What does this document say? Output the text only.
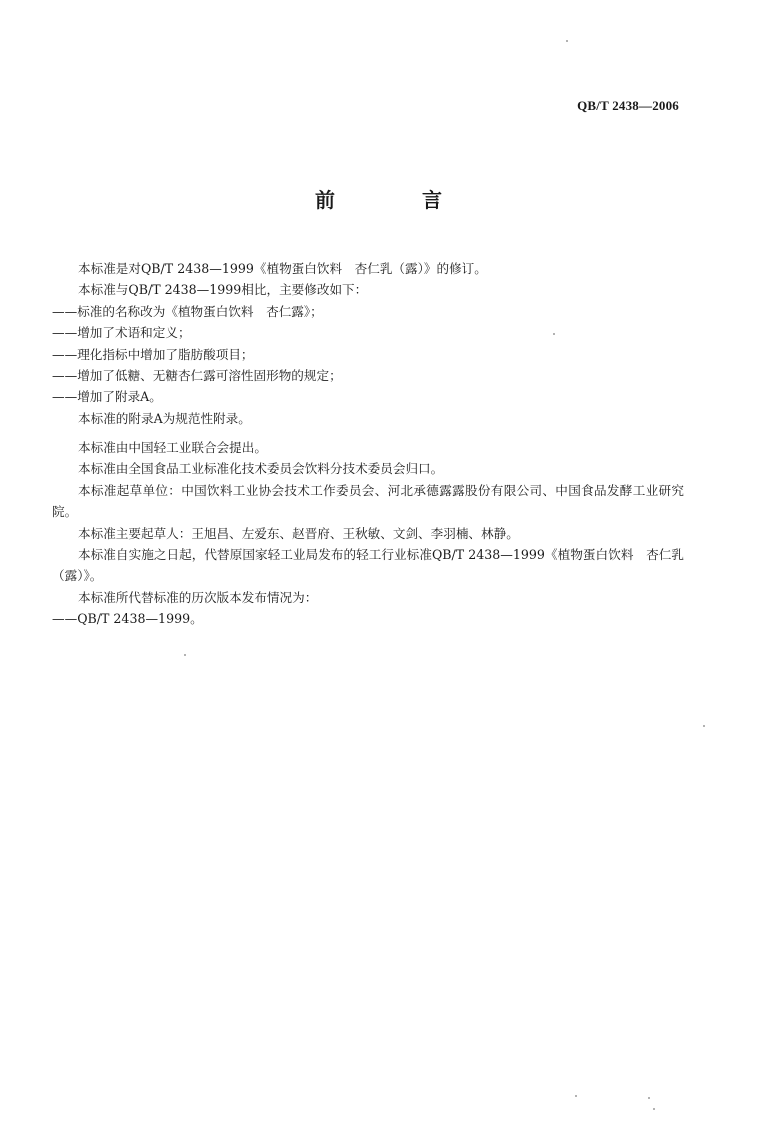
QB/T 2438—2006
前 言

本标准是对QB/T 2438—1999《植物蛋白饮料　杏仁乳（露）》的修订。

本标准与QB/T 2438—1999相比，主要修改如下：

——标准的名称改为《植物蛋白饮料　杏仁露》；

——增加了术语和定义；

——理化指标中增加了脂肪酸项目；

——增加了低糖、无糖杏仁露可溶性固形物的规定；

——增加了附录A。

本标准的附录A为规范性附录。

本标准由中国轻工业联合会提出。

本标准由全国食品工业标准化技术委员会饮料分技术委员会归口。

本标准起草单位：中国饮料工业协会技术工作委员会、河北承德露露股份有限公司、中国食品发酵工业研究院。

本标准主要起草人：王旭昌、左爱东、赵晋府、王秋敏、文剑、李羽楠、林静。

本标准自实施之日起，代替原国家轻工业局发布的轻工行业标准QB/T 2438—1999《植物蛋白饮料　杏仁乳（露）》。

本标准所代替标准的历次版本发布情况为：

——QB/T 2438—1999。
